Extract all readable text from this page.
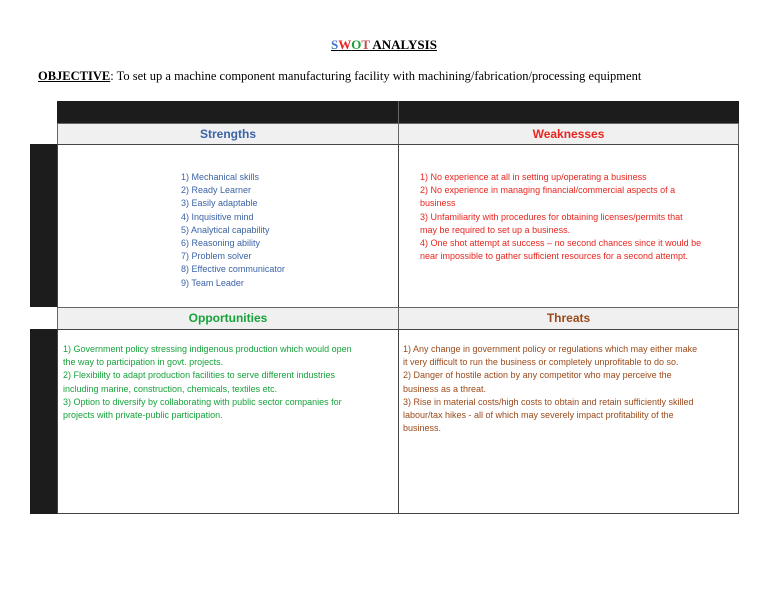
SWOT ANALYSIS
OBJECTIVE: To set up a machine component manufacturing facility with machining/fabrication/processing equipment
Strengths	Weaknesses
1) Mechanical skills
2) Ready Learner
3) Easily adaptable
4) Inquisitive mind
5) Analytical capability
6) Reasoning ability
7) Problem solver
8) Effective communicator
9) Team Leader
1) No experience at all in setting up/operating a business
2) No experience in managing financial/commercial aspects of a
business
3) Unfamiliarity with procedures for obtaining licenses/permits that
may be required to set up a business.
4) One shot attempt at success – no second chances since it would be
near impossible to gather sufficient resources for a second attempt.
Opportunities	Threats
1) Government policy stressing indigenous production which would open
the way to participation in govt. projects.
2) Flexibility to adapt production facilities to serve different industries
including marine, construction, chemicals, textiles etc.
3) Option to diversify by collaborating with public sector companies for
projects with private-public participation.
1) Any change in government policy or regulations which may either make
it very difficult to run the business or completely unprofitable to do so.
2) Danger of hostile action by any competitor who may perceive the
business as a threat.
3) Rise in material costs/high costs to obtain and retain sufficiently skilled
labour/tax hikes - all of which may severely impact profitability of the
business.
